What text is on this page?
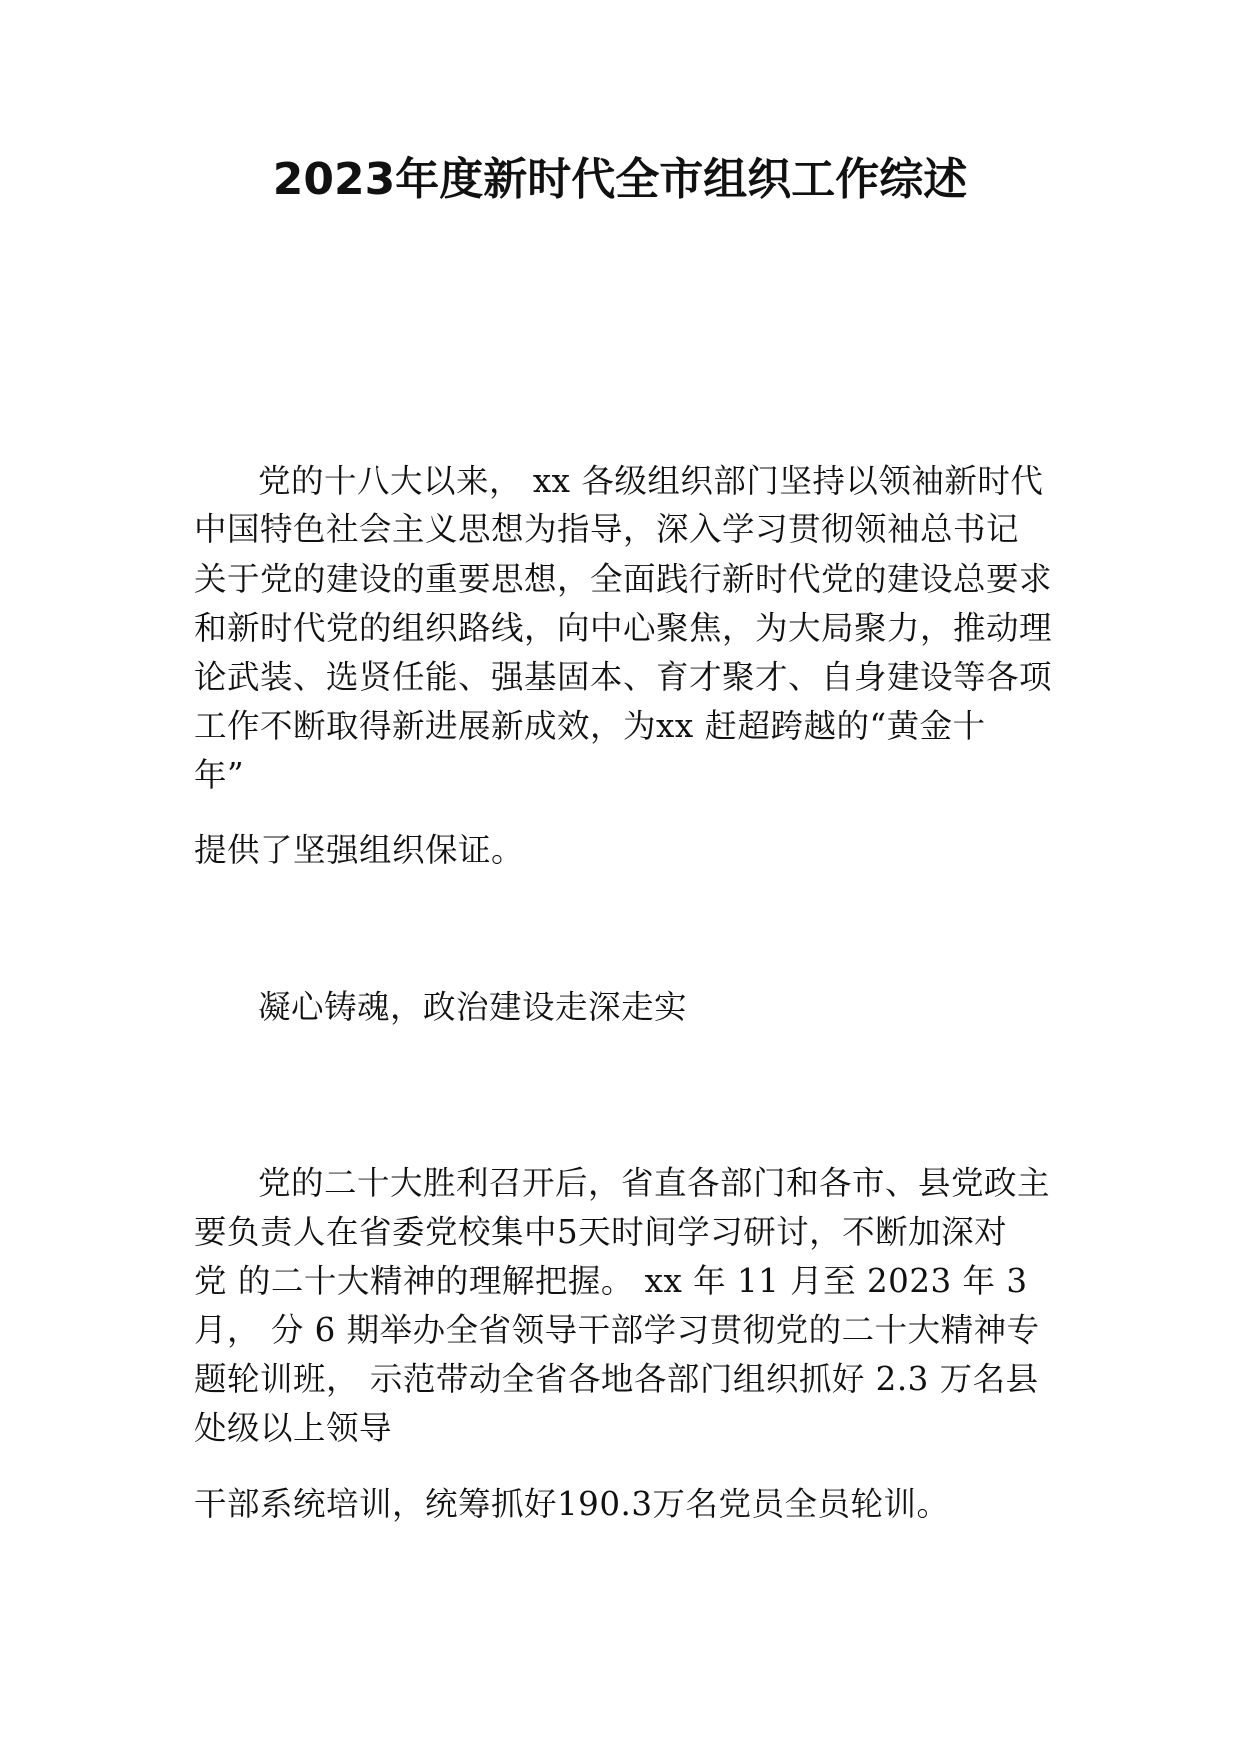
2023年度新时代全市组织工作综述
党的十八大以来， xx 各级组织部门坚持以领袖新时代
中国特色社会主义思想为指导，深入学习贯彻领袖总书记
关于党的建设的重要思想，全面践行新时代党的建设总要求
和新时代党的组织路线，向中心聚焦，为大局聚力，推动理
论武装、选贤任能、强基固本、育才聚才、自身建设等各项
工作不断取得新进展新成效，为xx 赶超跨越的“黄金十
年”
提供了坚强组织保证。
凝心铸魂，政治建设走深走实
党的二十大胜利召开后，省直各部门和各市、县党政主
要负责人在省委党校集中5天时间学习研讨，不断加深对
党 的二十大精神的理解把握。 xx 年 11 月至 2023 年 3
月， 分 6 期举办全省领导干部学习贯彻党的二十大精神专
题轮训班， 示范带动全省各地各部门组织抓好 2.3 万名县
处级以上领导
干部系统培训，统筹抓好190.3万名党员全员轮训。
